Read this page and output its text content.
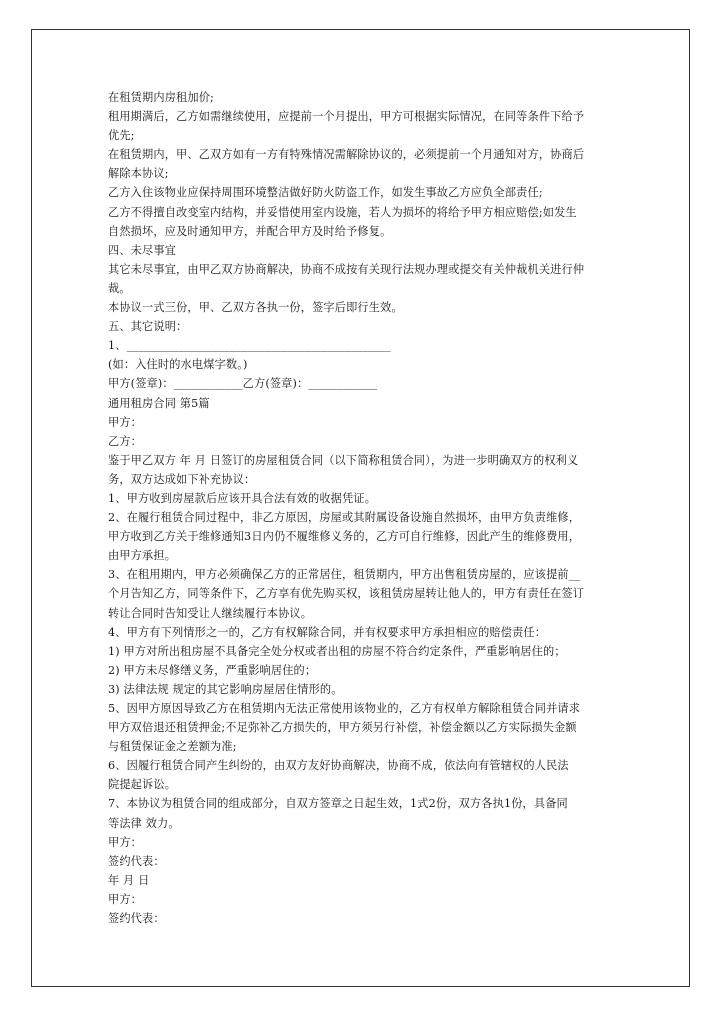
在租赁期内房租加价;
租用期满后，乙方如需继续使用，应提前一个月提出，甲方可根据实际情况，在同等条件下给予
优先;
在租赁期内，甲、乙双方如有一方有特殊情况需解除协议的，必须提前一个月通知对方，协商后
解除本协议;
乙方入住该物业应保持周围环境整洁做好防火防盗工作，如发生事故乙方应负全部责任;
乙方不得擅自改变室内结构，并妥惜使用室内设施，若人为损坏的将给予甲方相应赔偿;如发生
自然损坏，应及时通知甲方，并配合甲方及时给予修复。
四、未尽事宜
其它未尽事宜，由甲乙双方协商解决，协商不成按有关现行法规办理或提交有关仲裁机关进行仲
裁。
本协议一式三份，甲、乙双方各执一份，签字后即行生效。
五、其它说明：
1、______________________________________________
(如：入住时的水电煤字数。)
甲方(签章)：____________乙方(签章)：____________
通用租房合同 第5篇
甲方：
乙方：
鉴于甲乙双方 年 月 日签订的房屋租赁合同（以下简称租赁合同），为进一步明确双方的权利义
务，双方达成如下补充协议：
1、甲方收到房屋款后应该开具合法有效的收据凭证。
2、在履行租赁合同过程中，非乙方原因，房屋或其附属设备设施自然损坏，由甲方负责维修，
甲方收到乙方关于维修通知3日内仍不履维修义务的，乙方可自行维修，因此产生的维修费用，
由甲方承担。
3、在租用期内，甲方必须确保乙方的正常居住，租赁期内，甲方出售租赁房屋的，应该提前__
个月告知乙方，同等条件下，乙方享有优先购买权，该租赁房屋转让他人的，甲方有责任在签订
转让合同时告知受让人继续履行本协议。
4、甲方有下列情形之一的，乙方有权解除合同，并有权要求甲方承担相应的赔偿责任：
1) 甲方对所出租房屋不具备完全处分权或者出租的房屋不符合约定条件，严重影响居住的；
2) 甲方未尽修缮义务，严重影响居住的；
3) 法律法规 规定的其它影响房屋居住情形的。
5、因甲方原因导致乙方在租赁期内无法正常使用该物业的，乙方有权单方解除租赁合同并请求
甲方双倍退还租赁押金;不足弥补乙方损失的，甲方须另行补偿，补偿金额以乙方实际损失金额
与租赁保证金之差额为准;
6、因履行租赁合同产生纠纷的，由双方友好协商解决，协商不成，依法向有管辖权的人民法
院提起诉讼。
7、本协议为租赁合同的组成部分，自双方签章之日起生效，1式2份，双方各执1份，具备同
等法律 效力。
甲方：
签约代表：
年 月 日
甲方：
签约代表：
